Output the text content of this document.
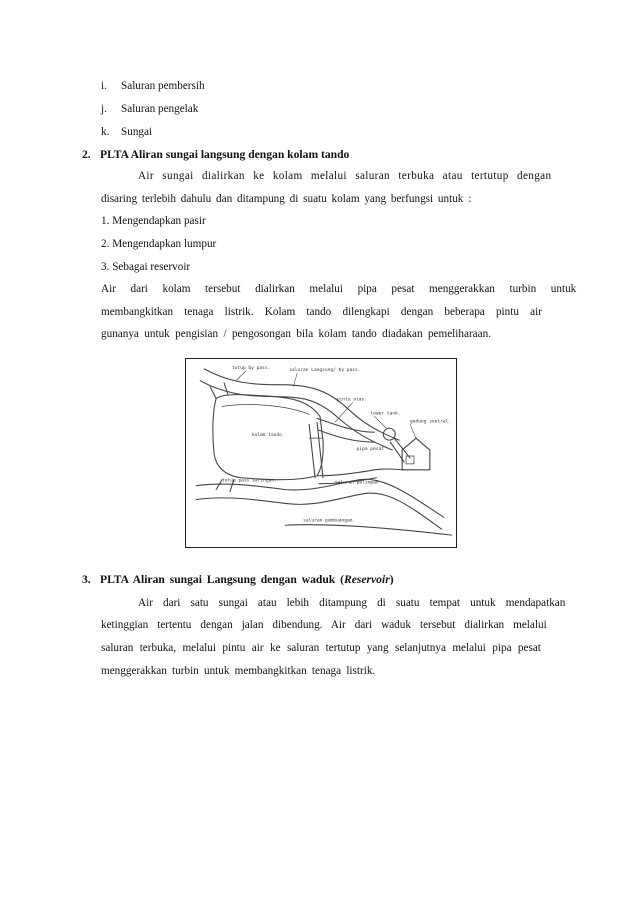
i. Saluran pembersih
j. Saluran pengelak
k. Sungai
2. PLTA Aliran sungai langsung dengan kolam tando
Air sungai dialirkan ke kolam melalui saluran terbuka atau tertutup dengan
disaring terlebih dahulu dan ditampung di suatu kolam yang berfungsi untuk :
1. Mengendapkan pasir
2. Mengendapkan lumpur
3. Sebagai reservoir
Air dari kolam tersebut dialirkan melalui pipa pesat menggerakkan turbin untuk
membangkitkan tenaga listrik. Kolam tando dilengkapi dengan beberapa pintu air
gunanya untuk pengisian / pengosongan bila kolam tando diadakan pemeliharaan.
tutup by pass.	saluran Langsung/ by pass.
pintu atas.
tower tank.
pipa pesat
gedung sentral.
kolam tando
tutup pass saringan.	saluran pelimpah
saluran pembuangan.
3. PLTA Aliran sungai Langsung dengan waduk (Reservoir)
Air dari satu sungai atau lebih ditampung di suatu tempat untuk mendapatkan
ketinggian tertentu dengan jalan dibendung. Air dari waduk tersebut dialirkan melalui
saluran terbuka, melalui pintu air ke saluran tertutup yang selanjutnya melalui pipa pesat
menggerakkan turbin untuk membangkitkan tenaga listrik.
